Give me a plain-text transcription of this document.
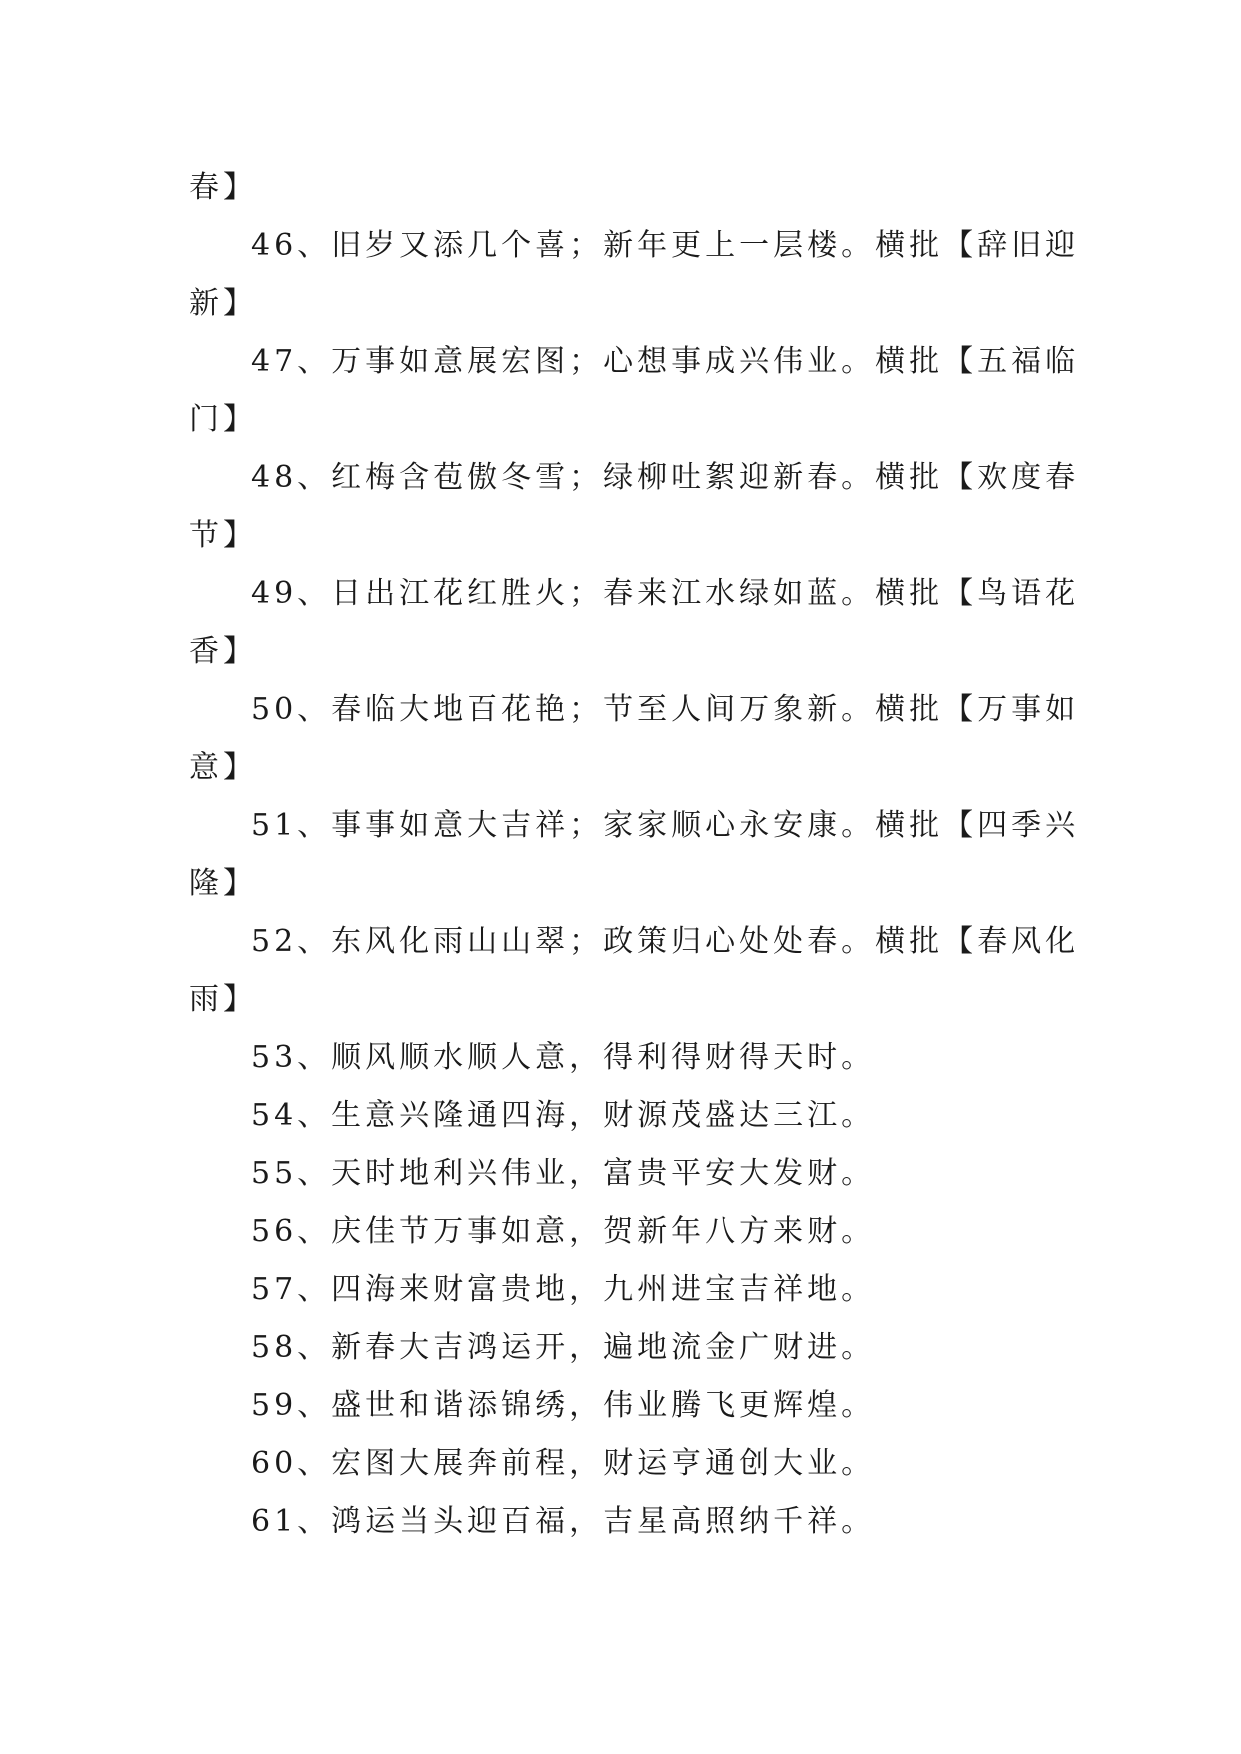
春】
46、旧岁又添几个喜；新年更上一层楼。横批【辞旧迎
新】
47、万事如意展宏图；心想事成兴伟业。横批【五福临
门】
48、红梅含苞傲冬雪；绿柳吐絮迎新春。横批【欢度春
节】
49、日出江花红胜火；春来江水绿如蓝。横批【鸟语花
香】
50、春临大地百花艳；节至人间万象新。横批【万事如
意】
51、事事如意大吉祥；家家顺心永安康。横批【四季兴
隆】
52、东风化雨山山翠；政策归心处处春。横批【春风化
雨】
53、顺风顺水顺人意，得利得财得天时。
54、生意兴隆通四海，财源茂盛达三江。
55、天时地利兴伟业，富贵平安大发财。
56、庆佳节万事如意，贺新年八方来财。
57、四海来财富贵地，九州进宝吉祥地。
58、新春大吉鸿运开，遍地流金广财进。
59、盛世和谐添锦绣，伟业腾飞更辉煌。
60、宏图大展奔前程，财运亨通创大业。
61、鸿运当头迎百福，吉星高照纳千祥。
